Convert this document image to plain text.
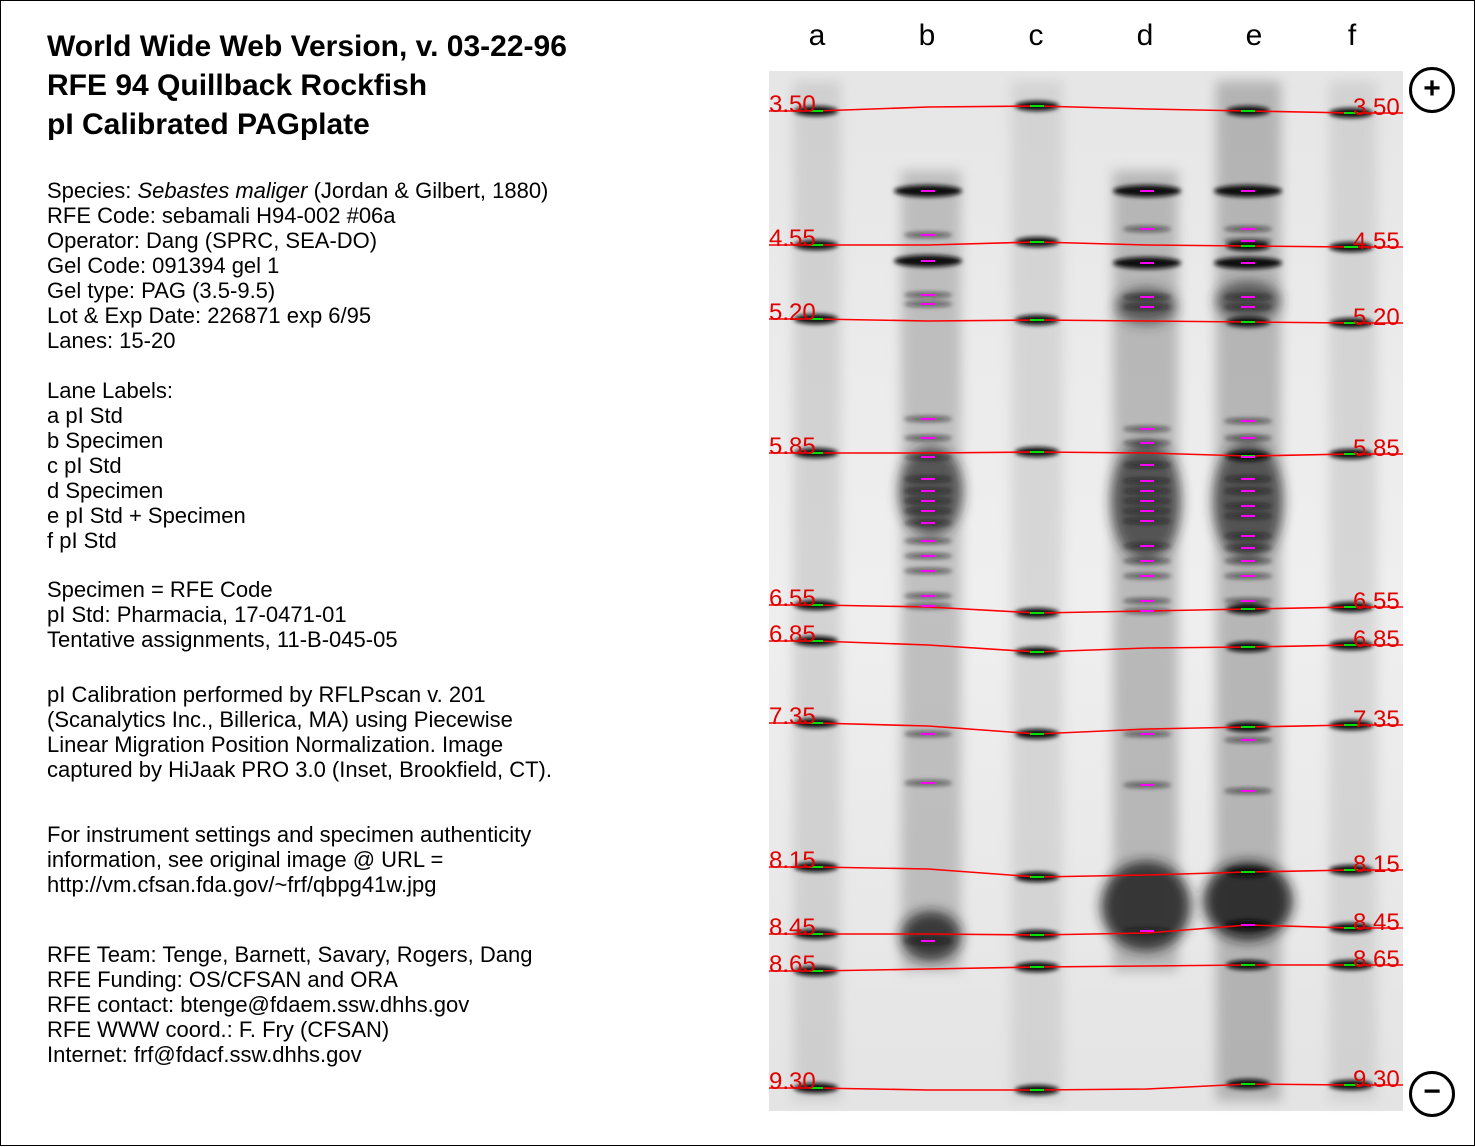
World Wide Web Version, v. 03-22-96
RFE 94 Quillback Rockfish
pI Calibrated PAGplate
Species: Sebastes maliger (Jordan & Gilbert, 1880)
RFE Code: sebamali H94-002 #06a
Operator: Dang (SPRC, SEA-DO)
Gel Code: 091394 gel 1
Gel type: PAG (3.5-9.5)
Lot & Exp Date: 226871 exp 6/95
Lanes: 15-20
Lane Labels:
a pI Std
b Specimen
c pI Std
d Specimen
e pI Std + Specimen
f pI Std
Specimen = RFE Code
pI Std: Pharmacia, 17-0471-01
Tentative assignments, 11-B-045-05
pI Calibration performed by RFLPscan v. 201
(Scanalytics Inc., Billerica, MA) using Piecewise
Linear Migration Position Normalization. Image
captured by HiJaak PRO 3.0 (Inset, Brookfield, CT).
For instrument settings and specimen authenticity
information, see original image @ URL =
http://vm.cfsan.fda.gov/~frf/qbpg41w.jpg
RFE Team: Tenge, Barnett, Savary, Rogers, Dang
RFE Funding: OS/CFSAN and ORA
RFE contact: btenge@fdaem.ssw.dhhs.gov
RFE WWW coord.: F. Fry (CFSAN)
Internet: frf@fdacf.ssw.dhhs.gov
a	b	c	d	e	f
3.50	3.50
4.55	4.55
5.20	5.20
5.85	5.85
6.55	6.55
6.85	6.85
7.35	7.35
8.15	8.15
8.45	8.45
8.65	8.65
9.30	9.30
+
−
